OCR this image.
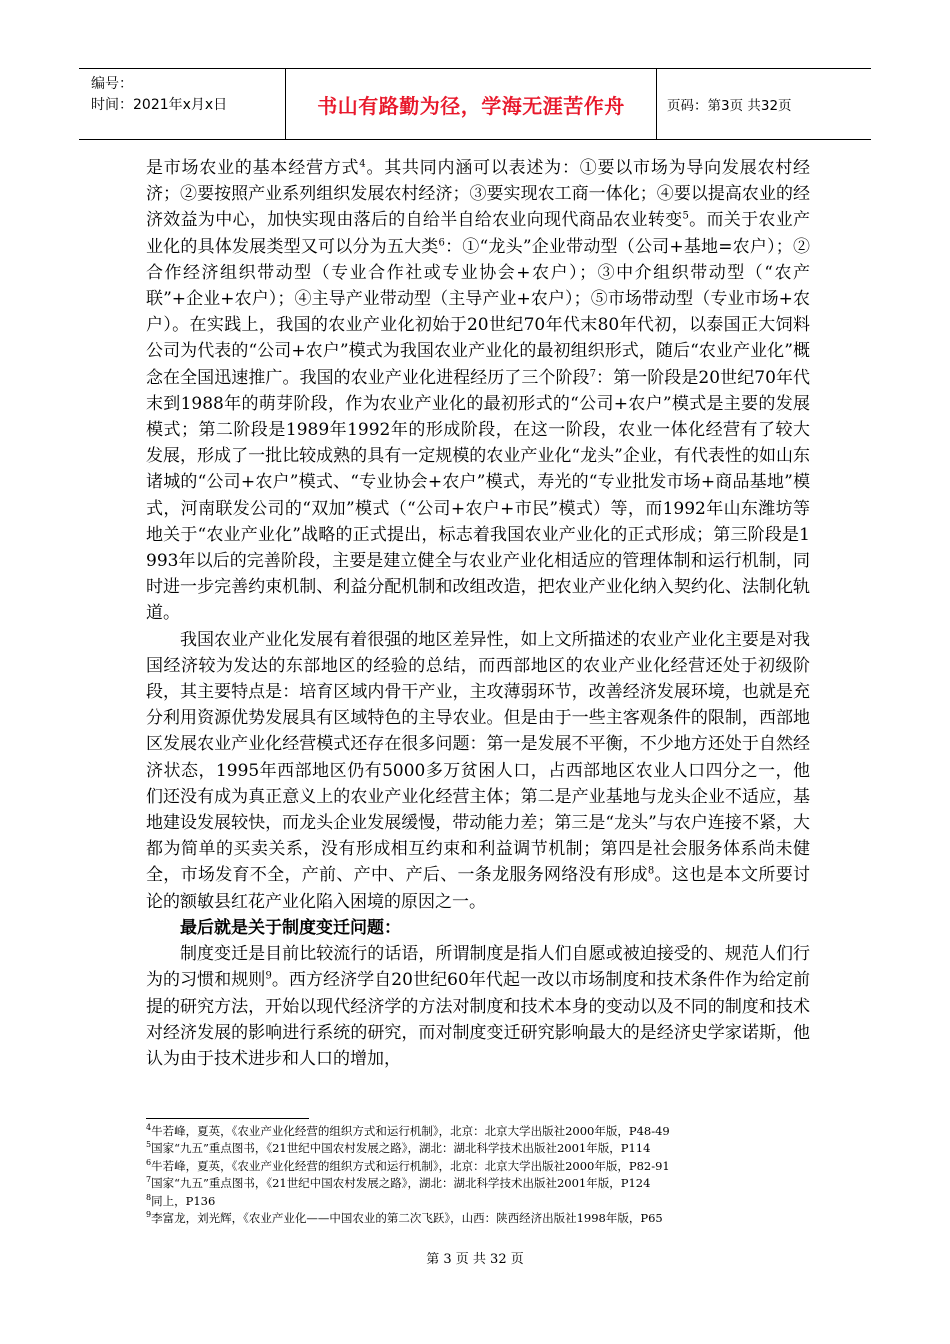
编号：
时间：2021年x月x日	书山有路勤为径，学海无涯苦作舟	页码：第3页 共32页

是市场农业的基本经营方式$^4$。其共同内涵可以表述为：①要以市场为导向发展农村经济；②要按照产业系列组织发展农村经济；③要实现农工商一体化；④要以提高农业的经济效益为中心，加快实现由落后的自给半自给农业向现代商品农业转变$^5$。而关于农业产业化的具体发展类型又可以分为五大类$^6$：①“龙头”企业带动型（公司+基地=农户）；②合作经济组织带动型（专业合作社或专业协会+农户）；③中介组织带动型（“农产联”+企业+农户）；④主导产业带动型（主导产业+农户）；⑤市场带动型（专业市场+农户）。在实践上，我国的农业产业化初始于20世纪70年代末80年代初，以泰国正大饲料公司为代表的“公司+农户”模式为我国农业产业化的最初组织形式，随后“农业产业化”概念在全国迅速推广。我国的农业产业化进程经历了三个阶段$^7$：第一阶段是20世纪70年代末到1988年的萌芽阶段，作为农业产业化的最初形式的“公司+农户”模式是主要的发展模式；第二阶段是1989年1992年的形成阶段，在这一阶段，农业一体化经营有了较大发展，形成了一批比较成熟的具有一定规模的农业产业化“龙头”企业，有代表性的如山东诸城的“公司+农户”模式、“专业协会+农户”模式，寿光的“专业批发市场+商品基地”模式，河南联发公司的“双加”模式（“公司+农户+市民”模式）等，而1992年山东潍坊等地关于“农业产业化”战略的正式提出，标志着我国农业产业化的正式形成；第三阶段是1993年以后的完善阶段，主要是建立健全与农业产业化相适应的管理体制和运行机制，同时进一步完善约束机制、利益分配机制和改组改造，把农业产业化纳入契约化、法制化轨道。

我国农业产业化发展有着很强的地区差异性，如上文所描述的农业产业化主要是对我国经济较为发达的东部地区的经验的总结，而西部地区的农业产业化经营还处于初级阶段，其主要特点是：培育区域内骨干产业，主攻薄弱环节，改善经济发展环境，也就是充分利用资源优势发展具有区域特色的主导农业。但是由于一些主客观条件的限制，西部地区发展农业产业化经营模式还存在很多问题：第一是发展不平衡，不少地方还处于自然经济状态，1995年西部地区仍有5000多万贫困人口，占西部地区农业人口四分之一，他们还没有成为真正意义上的农业产业化经营主体；第二是产业基地与龙头企业不适应，基地建设发展较快，而龙头企业发展缓慢，带动能力差；第三是“龙头”与农户连接不紧，大都为简单的买卖关系，没有形成相互约束和利益调节机制；第四是社会服务体系尚未健全，市场发育不全，产前、产中、产后、一条龙服务网络没有形成$^8$。这也是本文所要讨论的额敏县红花产业化陷入困境的原因之一。

最后就是关于制度变迁问题：

制度变迁是目前比较流行的话语，所谓制度是指人们自愿或被迫接受的、规范人们行为的习惯和规则$^9$。西方经济学自20世纪60年代起一改以市场制度和技术条件作为给定前提的研究方法，开始以现代经济学的方法对制度和技术本身的变动以及不同的制度和技术对经济发展的影响进行系统的研究，而对制度变迁研究影响最大的是经济史学家诺斯，他认为由于技术进步和人口的增加，

$^4$牛若峰，夏英，《农业产业化经营的组织方式和运行机制》，北京：北京大学出版社2000年版，P48-49

$^5$国家“九五”重点图书，《21世纪中国农村发展之路》，湖北：湖北科学技术出版社2001年版，P114

$^6$牛若峰，夏英，《农业产业化经营的组织方式和运行机制》，北京：北京大学出版社2000年版，P82-91

$^7$国家“九五”重点图书，《21世纪中国农村发展之路》，湖北：湖北科学技术出版社2001年版，P124

$^8$同上，P136

$^9$李富龙，刘光辉，《农业产业化——中国农业的第二次飞跃》，山西：陕西经济出版社1998年版，P65

第 3 页 共 32 页
